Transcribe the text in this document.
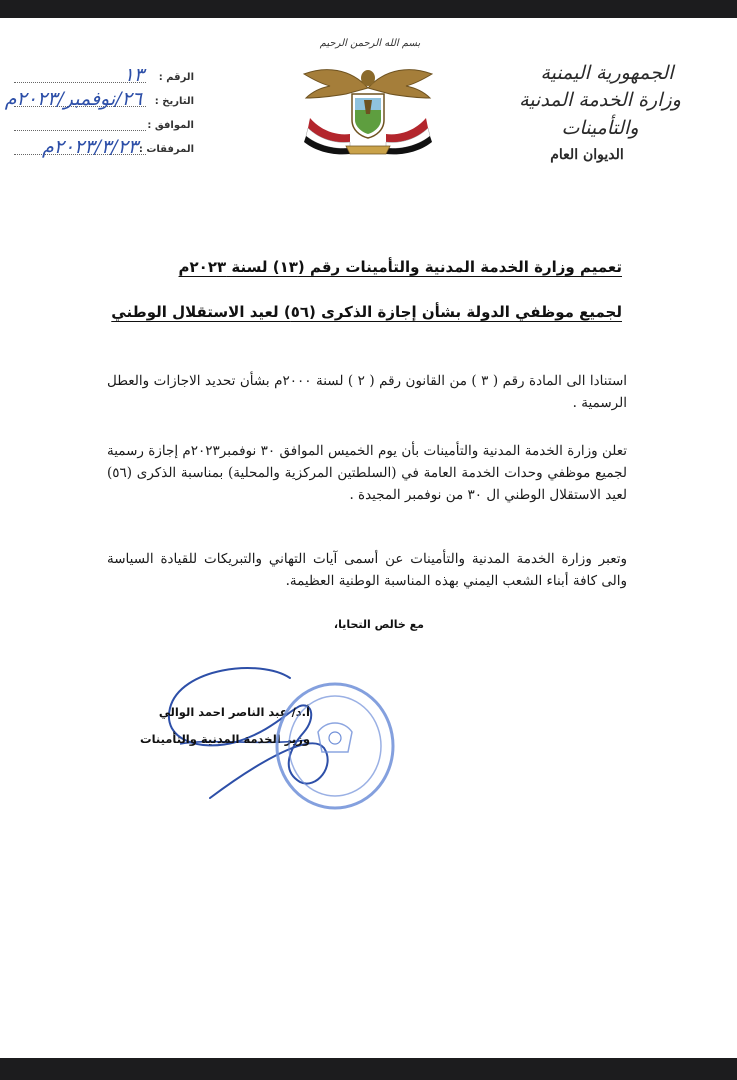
الجمهورية اليمنية
وزارة الخدمة المدنية والتأمينات
الديوان العام
بسم الله الرحمن الرحيم
الرقم :
١٣
التاريخ :
٢٦/نوفمبر/٢٠٢٣م
الموافق :
المرفقات :
٢٠٢٣/٣/٢٣م
تعميم وزارة الخدمة المدنية والتأمينات رقم (١٣) لسنة ٢٠٢٣م
لجميع موظفي الدولة بشأن إجازة الذكرى (٥٦) لعيد الاستقلال الوطني
استنادا الى المادة رقم ( ٣ ) من القانون رقم ( ٢ ) لسنة ٢٠٠٠م بشأن تحديد الاجازات والعطل الرسمية .
تعلن وزارة الخدمة المدنية والتأمينات بأن يوم الخميس الموافق ٣٠ نوفمبر٢٠٢٣م إجازة رسمية لجميع موظفي وحدات الخدمة العامة في (السلطتين المركزية والمحلية) بمناسبة الذكرى (٥٦) لعيد الاستقلال الوطني ال ٣٠ من نوفمبر المجيدة .
وتعبر وزارة الخدمة المدنية والتأمينات عن أسمى آيات التهاني والتبريكات للقيادة السياسة والى كافة أبناء الشعب اليمني بهذه المناسبة الوطنية العظيمة.
مع خالص التحايا،
أ.د/ عبد الناصر احمد الوالي
وزير الخدمة المدنية والتأمينات
